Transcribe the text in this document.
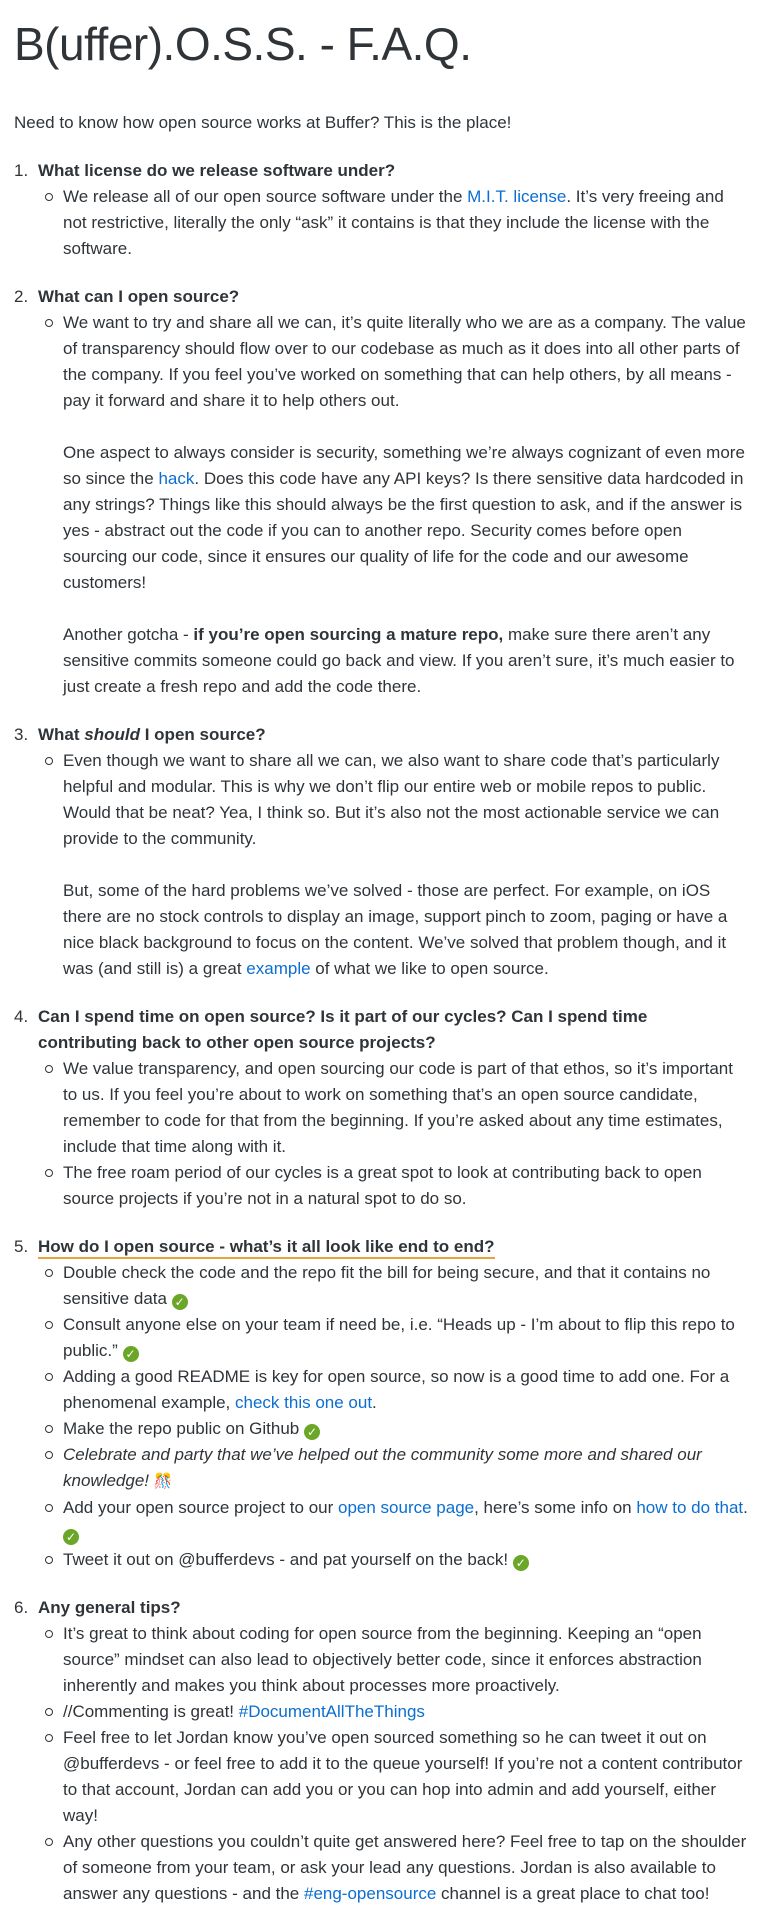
B(uffer).O.S.S. - F.A.Q.

Need to know how open source works at Buffer? This is the place!

1. What license do we release software under?
We release all of our open source software under the M.I.T. license. It’s very freeing and not restrictive, literally the only “ask” it contains is that they include the license with the software.
2. What can I open source?
We want to try and share all we can, it’s quite literally who we are as a company. The value of transparency should flow over to our codebase as much as it does into all other parts of the company. If you feel you’ve worked on something that can help others, by all means - pay it forward and share it to help others out.
One aspect to always consider is security, something we’re always cognizant of even more so since the hack. Does this code have any API keys? Is there sensitive data hardcoded in any strings? Things like this should always be the first question to ask, and if the answer is yes - abstract out the code if you can to another repo. Security comes before open sourcing our code, since it ensures our quality of life for the code and our awesome customers!
Another gotcha - if you’re open sourcing a mature repo, make sure there aren’t any sensitive commits someone could go back and view. If you aren’t sure, it’s much easier to just create a fresh repo and add the code there.
3. What should I open source?
Even though we want to share all we can, we also want to share code that’s particularly helpful and modular. This is why we don’t flip our entire web or mobile repos to public. Would that be neat? Yea, I think so. But it’s also not the most actionable service we can provide to the community.
But, some of the hard problems we’ve solved - those are perfect. For example, on iOS there are no stock controls to display an image, support pinch to zoom, paging or have a nice black background to focus on the content. We’ve solved that problem though, and it was (and still is) a great example of what we like to open source.
4. Can I spend time on open source? Is it part of our cycles? Can I spend time contributing back to other open source projects?
We value transparency, and open sourcing our code is part of that ethos, so it’s important to us. If you feel you’re about to work on something that’s an open source candidate, remember to code for that from the beginning. If you’re asked about any time estimates, include that time along with it.
The free roam period of our cycles is a great spot to look at contributing back to open source projects if you’re not in a natural spot to do so.
5. How do I open source - what’s it all look like end to end?
Double check the code and the repo fit the bill for being secure, and that it contains no sensitive data ✓
Consult anyone else on your team if need be, i.e. “Heads up - I’m about to flip this repo to public.” ✓
Adding a good README is key for open source, so now is a good time to add one. For a phenomenal example, check this one out.
Make the repo public on Github ✓
Celebrate and party that we’ve helped out the community some more and shared our knowledge! 🎊
Add your open source project to our open source page, here’s some info on how to do that.
✓
Tweet it out on @bufferdevs - and pat yourself on the back! ✓
6. Any general tips?
It’s great to think about coding for open source from the beginning. Keeping an “open source” mindset can also lead to objectively better code, since it enforces abstraction inherently and makes you think about processes more proactively.
//Commenting is great! #DocumentAllTheThings
Feel free to let Jordan know you’ve open sourced something so he can tweet it out on @bufferdevs - or feel free to add it to the queue yourself! If you’re not a content contributor to that account, Jordan can add you or you can hop into admin and add yourself, either way!
Any other questions you couldn’t quite get answered here? Feel free to tap on the shoulder of someone from your team, or ask your lead any questions. Jordan is also available to answer any questions - and the #eng-opensource channel is a great place to chat too!
